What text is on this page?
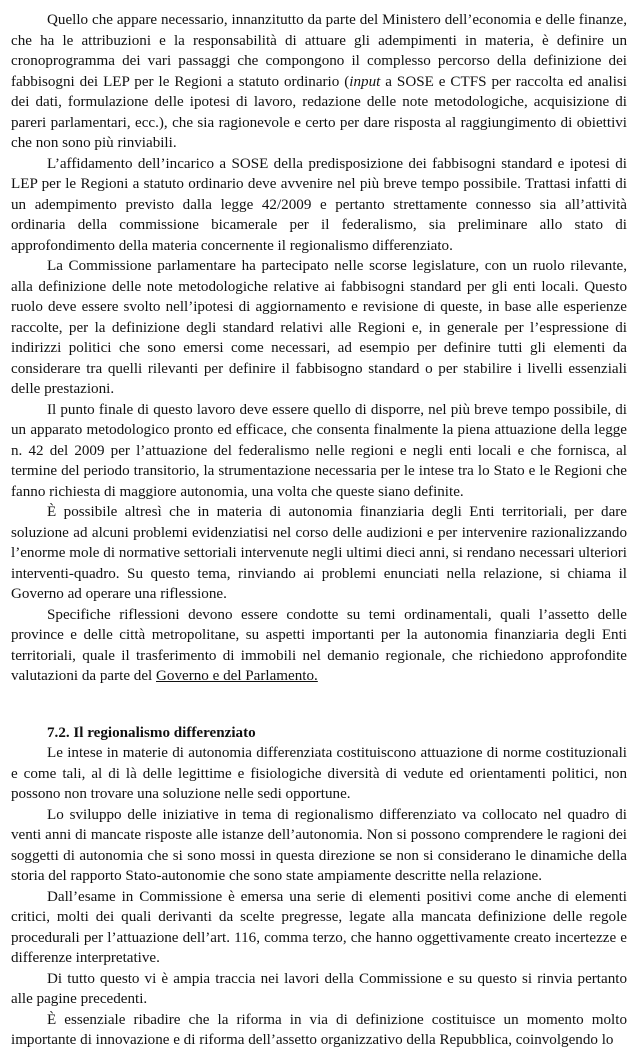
Quello che appare necessario, innanzitutto da parte del Ministero dell’economia e delle finanze, che ha le attribuzioni e la responsabilità di attuare gli adempimenti in materia, è definire un cronoprogramma dei vari passaggi che compongono il complesso percorso della definizione dei fabbisogni dei LEP per le Regioni a statuto ordinario (input a SOSE e CTFS per raccolta ed analisi dei dati, formulazione delle ipotesi di lavoro, redazione delle note metodologiche, acquisizione di pareri parlamentari, ecc.), che sia ragionevole e certo per dare risposta al raggiungimento di obiettivi che non sono più rinviabili.

L’affidamento dell’incarico a SOSE della predisposizione dei fabbisogni standard e ipotesi di LEP per le Regioni a statuto ordinario deve avvenire nel più breve tempo possibile. Trattasi infatti di un adempimento previsto dalla legge 42/2009 e pertanto strettamente connesso sia all’attività ordinaria della commissione bicamerale per il federalismo, sia preliminare allo stato di approfondimento della materia concernente il regionalismo differenziato.

La Commissione parlamentare ha partecipato nelle scorse legislature, con un ruolo rilevante, alla definizione delle note metodologiche relative ai fabbisogni standard per gli enti locali. Questo ruolo deve essere svolto nell’ipotesi di aggiornamento e revisione di queste, in base alle esperienze raccolte, per la definizione degli standard relativi alle Regioni e, in generale per l’espressione di indirizzi politici che sono emersi come necessari, ad esempio per definire tutti gli elementi da considerare tra quelli rilevanti per definire il fabbisogno standard o per stabilire i livelli essenziali delle prestazioni.

Il punto finale di questo lavoro deve essere quello di disporre, nel più breve tempo possibile, di un apparato metodologico pronto ed efficace, che consenta finalmente la piena attuazione della legge n. 42 del 2009 per l’attuazione del federalismo nelle regioni e negli enti locali e che fornisca, al termine del periodo transitorio, la strumentazione necessaria per le intese tra lo Stato e le Regioni che fanno richiesta di maggiore autonomia, una volta che queste siano definite.

È possibile altresì che in materia di autonomia finanziaria degli Enti territoriali, per dare soluzione ad alcuni problemi evidenziatisi nel corso delle audizioni e per intervenire razionalizzando l’enorme mole di normative settoriali intervenute negli ultimi dieci anni, si rendano necessari ulteriori interventi-quadro. Su questo tema, rinviando ai problemi enunciati nella relazione, si chiama il Governo ad operare una riflessione.

Specifiche riflessioni devono essere condotte su temi ordinamentali, quali l’assetto delle province e delle città metropolitane, su aspetti importanti per la autonomia finanziaria degli Enti territoriali, quale il trasferimento di immobili nel demanio regionale, che richiedono approfondite valutazioni da parte del Governo e del Parlamento.

7.2. Il regionalismo differenziato

Le intese in materie di autonomia differenziata costituiscono attuazione di norme costituzionali e come tali, al di là delle legittime e fisiologiche diversità di vedute ed orientamenti politici, non possono non trovare una soluzione nelle sedi opportune.

Lo sviluppo delle iniziative in tema di regionalismo differenziato va collocato nel quadro di venti anni di mancate risposte alle istanze dell’autonomia. Non si possono comprendere le ragioni dei soggetti di autonomia che si sono mossi in questa direzione se non si considerano le dinamiche della storia del rapporto Stato-autonomie che sono state ampiamente descritte nella relazione.

Dall’esame in Commissione è emersa una serie di elementi positivi come anche di elementi critici, molti dei quali derivanti da scelte pregresse, legate alla mancata definizione delle regole procedurali per l’attuazione dell’art. 116, comma terzo, che hanno oggettivamente creato incertezze e differenze interpretative.

Di tutto questo vi è ampia traccia nei lavori della Commissione e su questo si rinvia pertanto alle pagine precedenti.

È essenziale ribadire che la riforma in via di definizione costituisce un momento molto importante di innovazione e di riforma dell’assetto organizzativo della Repubblica, coinvolgendo lo
